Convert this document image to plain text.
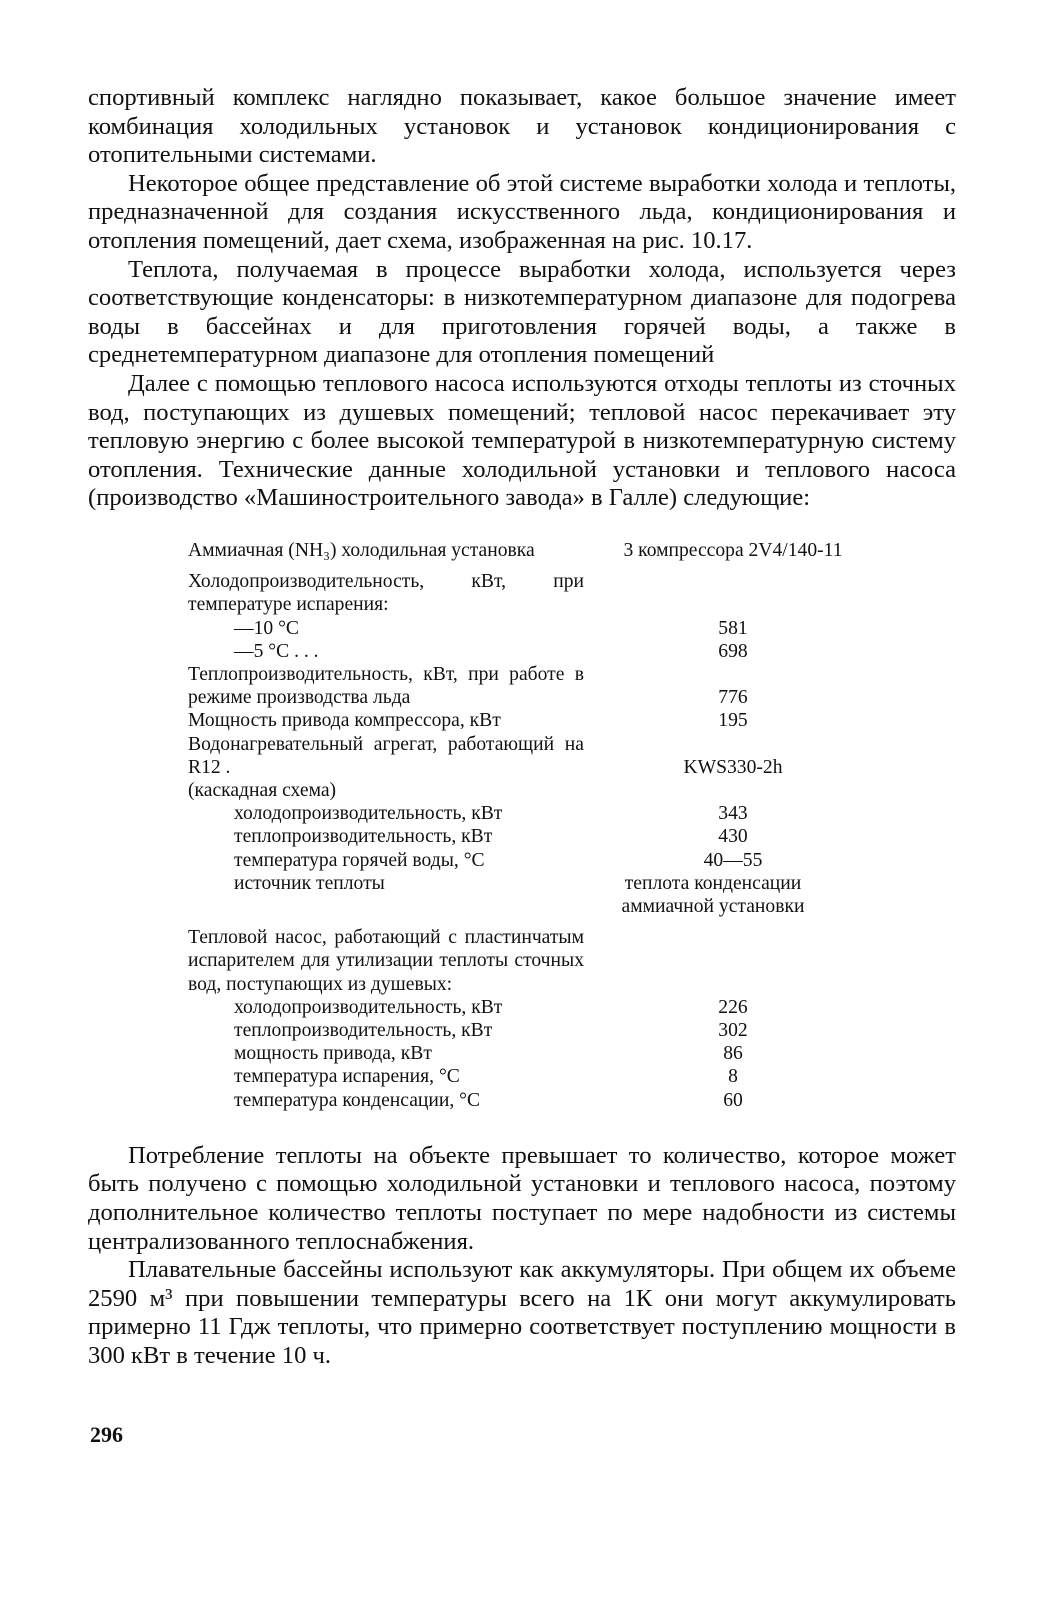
спортивный комплекс наглядно показывает, какое большое значение имеет комбинация холодильных установок и установок кондиционирования с отопительными системами.

Некоторое общее представление об этой системе выработки холода и теплоты, предназначенной для создания искусственного льда, кондиционирования и отопления помещений, дает схема, изображенная на рис. 10.17.

Теплота, получаемая в процессе выработки холода, используется через соответствующие конденсаторы: в низкотемпературном диапазоне для подогрева воды в бассейнах и для приготовления горячей воды, а также в среднетемпературном диапазоне для отопления помещений

Далее с помощью теплового насоса используются отходы теплоты из сточных вод, поступающих из душевых помещений; тепловой насос перекачивает эту тепловую энергию с более высокой температурой в низкотемпературную систему отопления. Технические данные холодильной установки и теплового насоса (производство «Машиностроительного завода» в Галле) следующие:

Аммиачная (NH₃) холодильная установка	3 компрессора 2V4/140-11
Холодопроизводительность, кВт, при температуре испарения:
—10 °С	581
—5 °С . . .	698
Теплопроизводительность, кВт, при работе в режиме производства льда	776
Мощность привода компрессора, кВт	195
Водонагревательный агрегат, работающий на R12 .	KWS330-2h
(каскадная схема)
холодопроизводительность, кВт	343
теплопроизводительность, кВт	430
температура горячей воды, °С	40—55
источник теплоты	теплота конденсации аммиачной установки
Тепловой насос, работающий с пластинчатым испарителем для утилизации теплоты сточных вод, поступающих из душевых:
холодопроизводительность, кВт	226
теплопроизводительность, кВт	302
мощность привода, кВт	86
температура испарения, °С	8
температура конденсации, °С	60

Потребление теплоты на объекте превышает то количество, которое может быть получено с помощью холодильной установки и теплового насоса, поэтому дополнительное количество теплоты поступает по мере надобности из системы централизованного теплоснабжения.

Плавательные бассейны используют как аккумуляторы. При общем их объеме 2590 м³ при повышении температуры всего на 1К они могут аккумулировать примерно 11 Гдж теплоты, что примерно соответствует поступлению мощности в 300 кВт в течение 10 ч.

296
